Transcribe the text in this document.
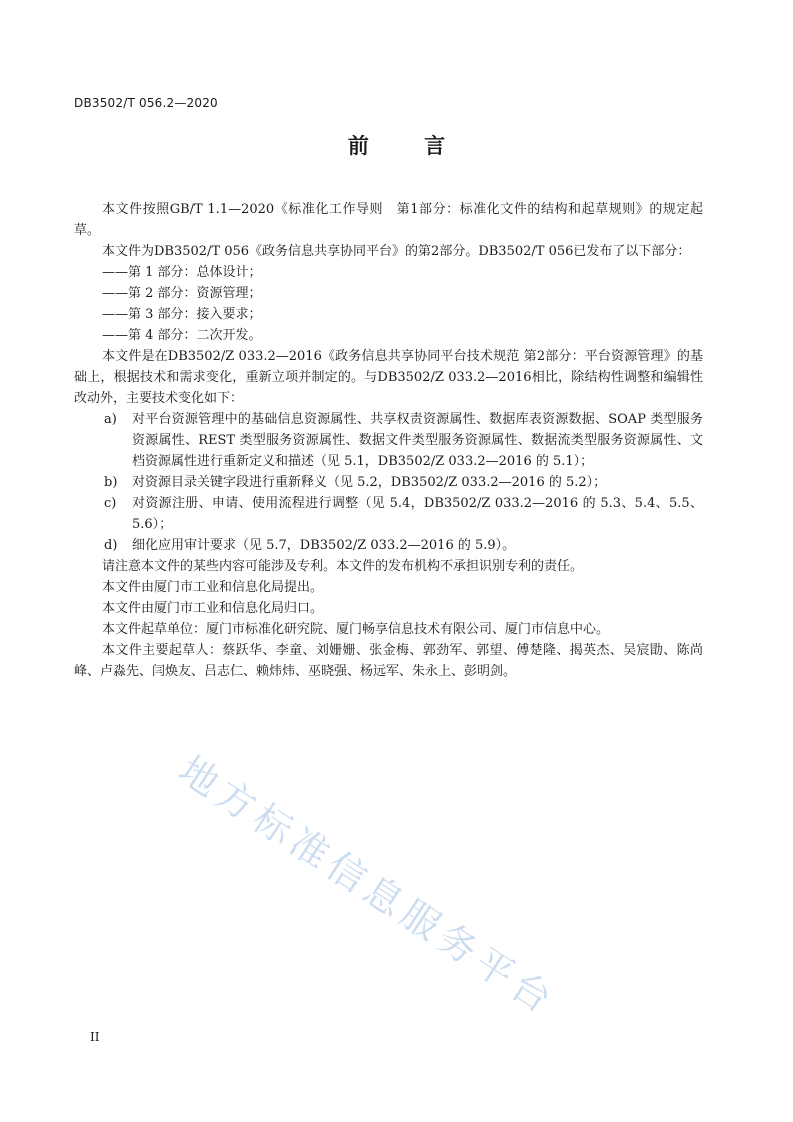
DB3502/T 056.2—2020
前 言

本文件按照GB/T 1.1—2020《标准化工作导则　第1部分：标准化文件的结构和起草规则》的规定起草。

本文件为DB3502/T 056《政务信息共享协同平台》的第2部分。DB3502/T 056已发布了以下部分：

——第 1 部分：总体设计；

——第 2 部分：资源管理；

——第 3 部分：接入要求；

——第 4 部分：二次开发。

本文件是在DB3502/Z 033.2—2016《政务信息共享协同平台技术规范 第2部分：平台资源管理》的基础上，根据技术和需求变化，重新立项并制定的。与DB3502/Z 033.2—2016相比，除结构性调整和编辑性改动外，主要技术变化如下：

a) 对平台资源管理中的基础信息资源属性、共享权责资源属性、数据库表资源数据、SOAP 类型服务资源属性、REST 类型服务资源属性、数据文件类型服务资源属性、数据流类型服务资源属性、文档资源属性进行重新定义和描述（见 5.1，DB3502/Z 033.2—2016 的 5.1）；
b) 对资源目录关键字段进行重新释义（见 5.2，DB3502/Z 033.2—2016 的 5.2）；
c) 对资源注册、申请、使用流程进行调整（见 5.4，DB3502/Z 033.2—2016 的 5.3、5.4、5.5、5.6）；
d) 细化应用审计要求（见 5.7，DB3502/Z 033.2—2016 的 5.9）。

请注意本文件的某些内容可能涉及专利。本文件的发布机构不承担识别专利的责任。

本文件由厦门市工业和信息化局提出。

本文件由厦门市工业和信息化局归口。

本文件起草单位：厦门市标准化研究院、厦门畅享信息技术有限公司、厦门市信息中心。

本文件主要起草人：蔡跃华、李童、刘姗姗、张金梅、郭劲军、郭望、傅楚隆、揭英杰、吴宸勖、陈尚峰、卢淼先、闫焕友、吕志仁、赖炜炜、巫晓强、杨远军、朱永上、彭明剑。

地方标准信息服务平台
II
